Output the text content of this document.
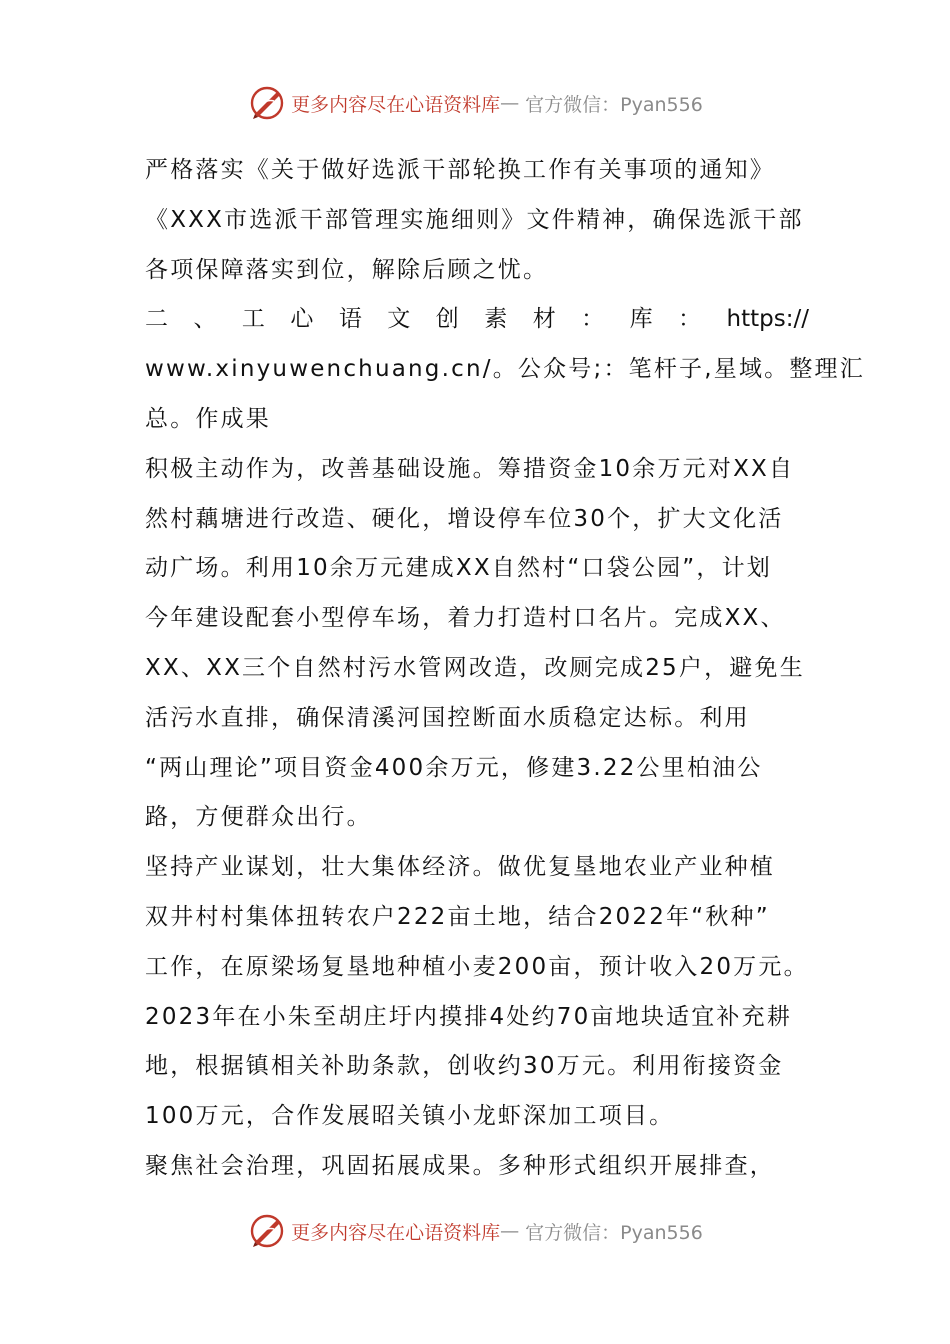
更多内容尽在心语资料库 — 官方微信：Pyan556
严格落实《关于做好选派干部轮换工作有关事项的通知》
《XXX市选派干部管理实施细则》文件精神，确保选派干部
各项保障落实到位，解除后顾之忧。
二 、 工 心 语 文 创 素 材 ： 库 ： https://
www.xinyuwenchuang.cn/。公众号;：笔杆子,星域。整理汇
总。作成果
积极主动作为，改善基础设施。筹措资金10余万元对XX自
然村藕塘进行改造、硬化，增设停车位30个，扩大文化活
动广场。利用10余万元建成XX自然村“口袋公园”，计划
今年建设配套小型停车场，着力打造村口名片。完成XX、
XX、XX三个自然村污水管网改造，改厕完成25户，避免生
活污水直排，确保清溪河国控断面水质稳定达标。利用
“两山理论”项目资金400余万元，修建3.22公里柏油公
路，方便群众出行。
坚持产业谋划，壮大集体经济。做优复垦地农业产业种植
双井村村集体扭转农户222亩土地，结合2022年“秋种”
工作，在原梁场复垦地种植小麦200亩，预计收入20万元。
2023年在小朱至胡庄圩内摸排4处约70亩地块适宜补充耕
地，根据镇相关补助条款，创收约30万元。利用衔接资金
100万元，合作发展昭关镇小龙虾深加工项目。
聚焦社会治理，巩固拓展成果。多种形式组织开展排查，
更多内容尽在心语资料库 — 官方微信：Pyan556
